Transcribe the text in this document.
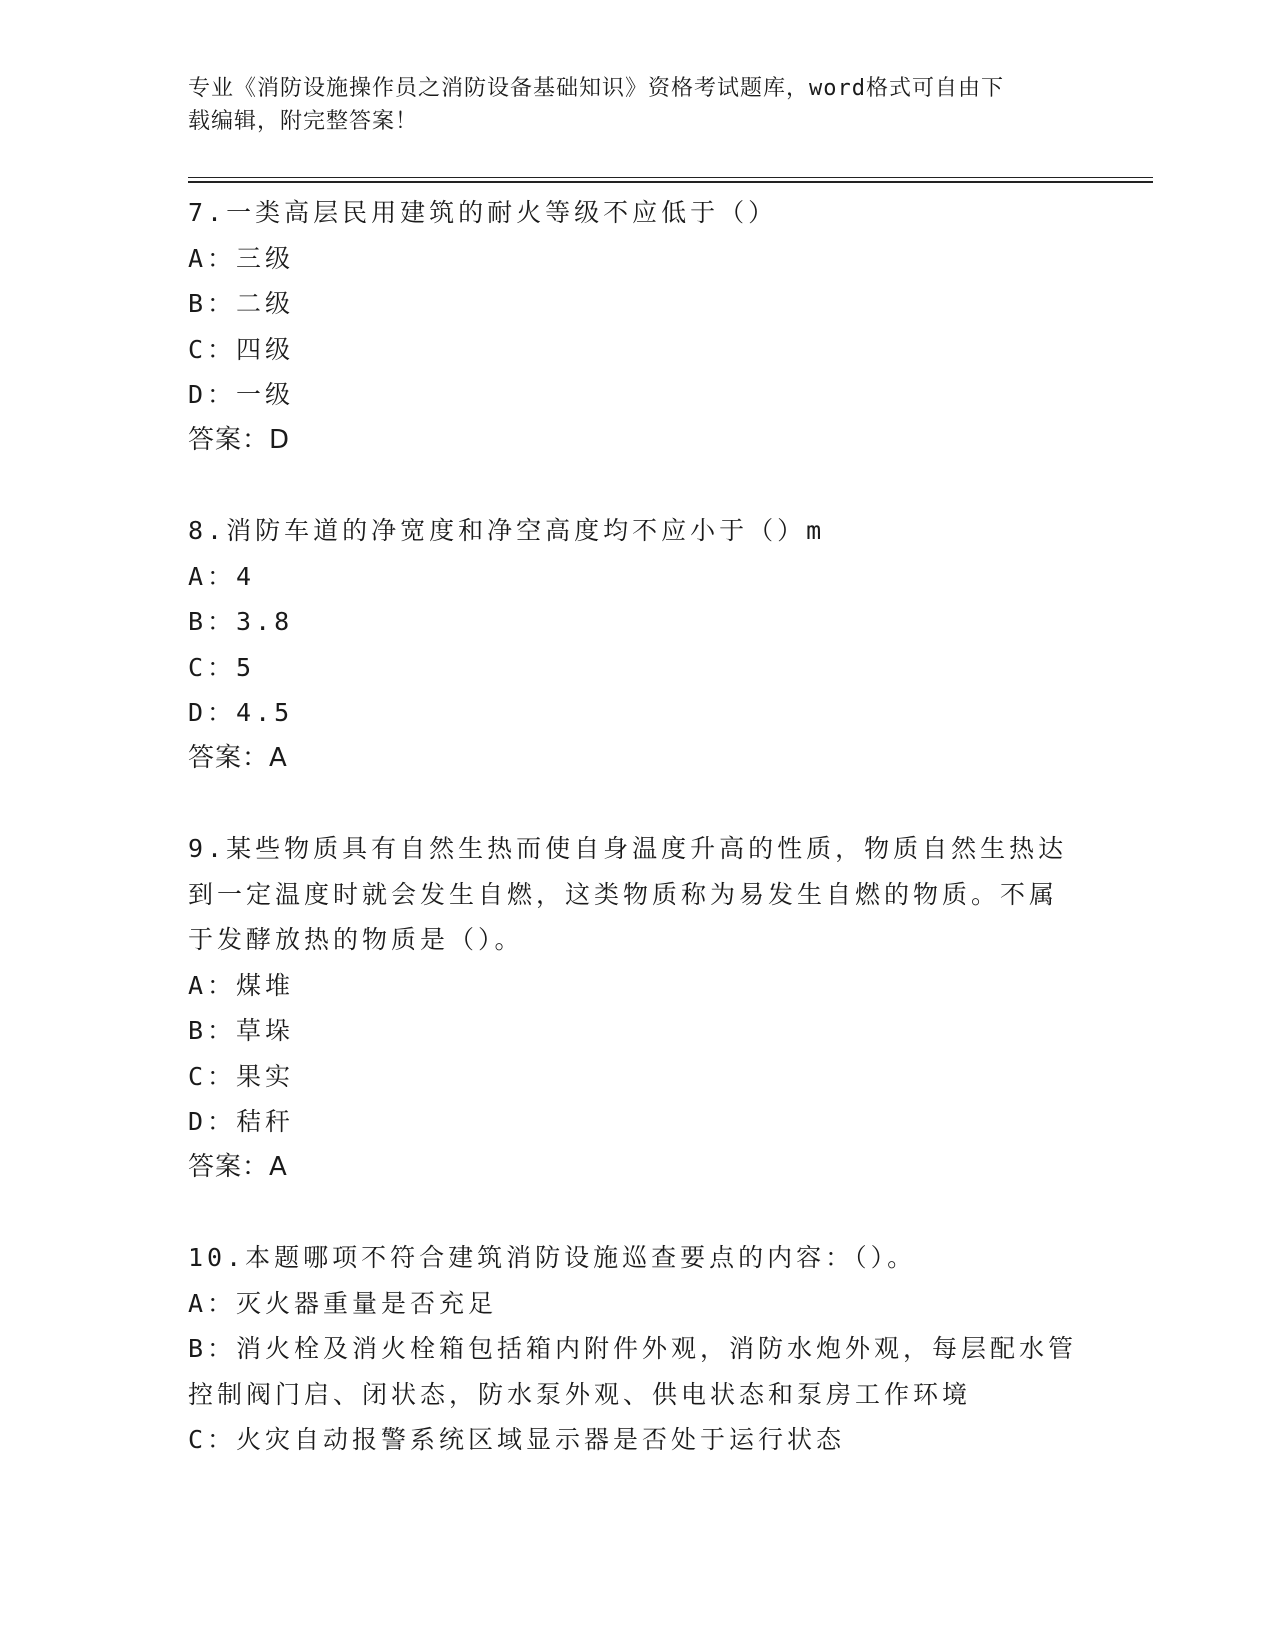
专业《消防设施操作员之消防设备基础知识》资格考试题库，word格式可自由下
载编辑，附完整答案！
7.一类高层民用建筑的耐火等级不应低于（）
A：三级
B：二级
C：四级
D：一级
答案：D
8.消防车道的净宽度和净空高度均不应小于（）m
A：4
B：3.8
C：5
D：4.5
答案：A
9.某些物质具有自然生热而使自身温度升高的性质，物质自然生热达
到一定温度时就会发生自燃，这类物质称为易发生自燃的物质。不属
于发酵放热的物质是（）。
A：煤堆
B：草垛
C：果实
D：秸秆
答案：A
10.本题哪项不符合建筑消防设施巡查要点的内容：（）。
A：灭火器重量是否充足
B：消火栓及消火栓箱包括箱内附件外观，消防水炮外观，每层配水管
控制阀门启、闭状态，防水泵外观、供电状态和泵房工作环境
C：火灾自动报警系统区域显示器是否处于运行状态
